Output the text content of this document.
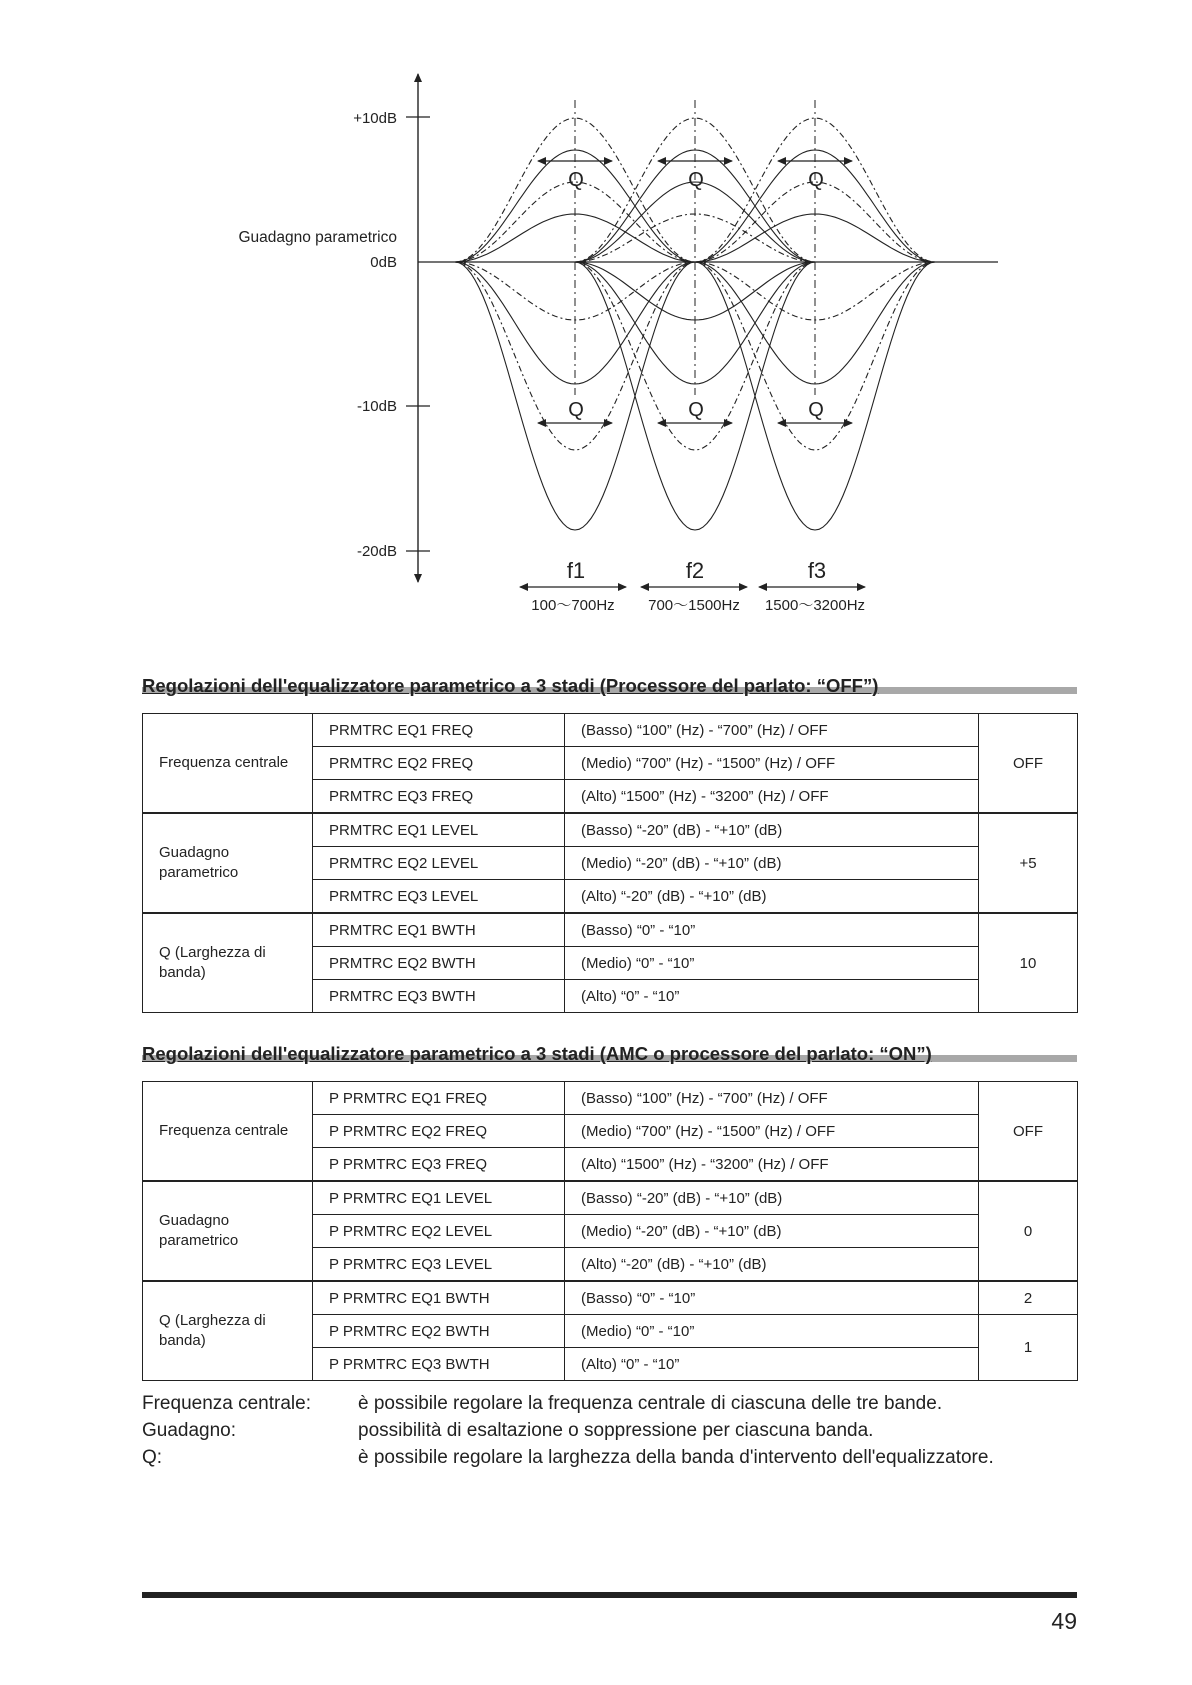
+10dB
Guadagno parametrico
0dB
-10dB
-20dB
Q	Q	Q
Q	Q	Q
f1	f2	f3
100～700Hz 700～1500Hz 1500～3200Hz
Regolazioni dell'equalizzatore parametrico a 3 stadi (Processore del parlato: “OFF”)
Frequenza centrale	PRMTRC EQ1 FREQ	(Basso) “100” (Hz) - “700” (Hz) / OFF	OFF
	PRMTRC EQ2 FREQ	(Medio) “700” (Hz) - “1500” (Hz) / OFF	
	PRMTRC EQ3 FREQ	(Alto) “1500” (Hz) - “3200” (Hz) / OFF	
Guadagno parametrico	PRMTRC EQ1 LEVEL	(Basso) “-20” (dB) - “+10” (dB)	+5
	PRMTRC EQ2 LEVEL	(Medio) “-20” (dB) - “+10” (dB)	
	PRMTRC EQ3 LEVEL	(Alto) “-20” (dB) - “+10” (dB)	
Q (Larghezza di banda)	PRMTRC EQ1 BWTH	(Basso) “0” - “10”	10
	PRMTRC EQ2 BWTH	(Medio) “0” - “10”	
	PRMTRC EQ3 BWTH	(Alto) “0” - “10”	
Regolazioni dell'equalizzatore parametrico a 3 stadi (AMC o processore del parlato: “ON”)
Frequenza centrale	P PRMTRC EQ1 FREQ	(Basso) “100” (Hz) - “700” (Hz) / OFF	OFF
	P PRMTRC EQ2 FREQ	(Medio) “700” (Hz) - “1500” (Hz) / OFF	
	P PRMTRC EQ3 FREQ	(Alto) “1500” (Hz) - “3200” (Hz) / OFF	
Guadagno parametrico	P PRMTRC EQ1 LEVEL	(Basso) “-20” (dB) - “+10” (dB)	0
	P PRMTRC EQ2 LEVEL	(Medio) “-20” (dB) - “+10” (dB)	
	P PRMTRC EQ3 LEVEL	(Alto) “-20” (dB) - “+10” (dB)	
Q (Larghezza di banda)	P PRMTRC EQ1 BWTH	(Basso) “0” - “10”	2
	P PRMTRC EQ2 BWTH	(Medio) “0” - “10”	1
	P PRMTRC EQ3 BWTH	(Alto) “0” - “10”	
Frequenza centrale:	è possibile regolare la frequenza centrale di ciascuna delle tre bande.
Guadagno:	possibilità di esaltazione o soppressione per ciascuna banda.
Q:	è possibile regolare la larghezza della banda d'intervento dell'equalizzatore.
49
